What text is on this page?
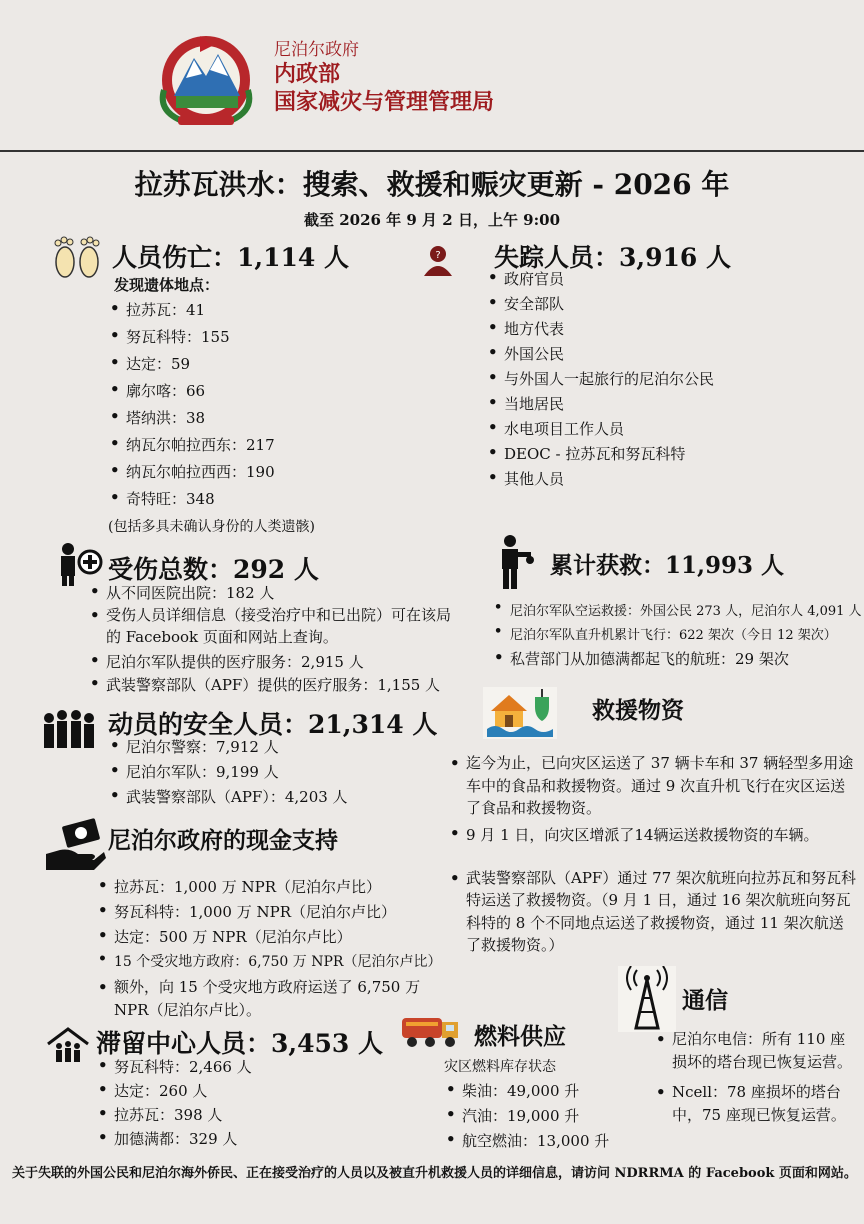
尼泊尔政府
内政部
国家减灾与管理管理局
拉苏瓦洪水：搜索、救援和赈灾更新 - 2026 年
截至 2026 年 9 月 2 日，上午 9:00
人员伤亡：1,114 人
发现遗体地点：
• 拉苏瓦：41
• 努瓦科特：155
• 达定：59
• 廓尔喀：66
• 塔纳洪：38
• 纳瓦尔帕拉西东：217
• 纳瓦尔帕拉西西：190
• 奇特旺：348
(包括多具未确认身份的人类遗骸)
? 失踪人员：3,916 人
• 政府官员
• 安全部队
• 地方代表
• 外国公民
• 与外国人一起旅行的尼泊尔公民
• 当地居民
• 水电项目工作人员
• DEOC - 拉苏瓦和努瓦科特
• 其他人员
受伤总数：292 人
• 从不同医院出院：182 人
• 受伤人员详细信息（接受治疗中和已出院）可在该局的 Facebook 页面和网站上查询。
• 尼泊尔军队提供的医疗服务：2,915 人
• 武装警察部队（APF）提供的医疗服务：1,155 人
累计获救：11,993 人
• 尼泊尔军队空运救援：外国公民 273 人，尼泊尔人 4,091 人
• 尼泊尔军队直升机累计飞行：622 架次（今日 12 架次）
• 私营部门从加德满都起飞的航班：29 架次
动员的安全人员：21,314 人
• 尼泊尔警察：7,912 人
• 尼泊尔军队：9,199 人
• 武装警察部队（APF）：4,203 人
救援物资
• 迄今为止，已向灾区运送了 37 辆卡车和 37 辆轻型多用途车中的食品和救援物资。通过 9 次直升机飞行在灾区运送了食品和救援物资。
• 9 月 1 日，向灾区增派了14辆运送救援物资的车辆。
• 武装警察部队（APF）通过 77 架次航班向拉苏瓦和努瓦科特运送了救援物资。（9 月 1 日，通过 16 架次航班向努瓦科特的 8 个不同地点运送了救援物资，通过 11 架次航送了救援物资。）
尼泊尔政府的现金支持
• 拉苏瓦：1,000 万 NPR（尼泊尔卢比）
• 努瓦科特：1,000 万 NPR（尼泊尔卢比）
• 达定：500 万 NPR（尼泊尔卢比）
• 15 个受灾地方政府：6,750 万 NPR（尼泊尔卢比）
• 额外，向 15 个受灾地方政府运送了 6,750 万 NPR（尼泊尔卢比）。
滞留中心人员：3,453 人
• 努瓦科特：2,466 人
• 达定：260 人
• 拉苏瓦：398 人
• 加德满都：329 人
燃料供应
灾区燃料库存状态
• 柴油：49,000 升
• 汽油：19,000 升
• 航空燃油：13,000 升
通信
• 尼泊尔电信：所有 110 座损坏的塔台现已恢复运营。
• Ncell：78 座损坏的塔台中，75 座现已恢复运营。
关于失联的外国公民和尼泊尔海外侨民、正在接受治疗的人员以及被直升机救援人员的详细信息，请访问 NDRRMA 的 Facebook 页面和网站。
